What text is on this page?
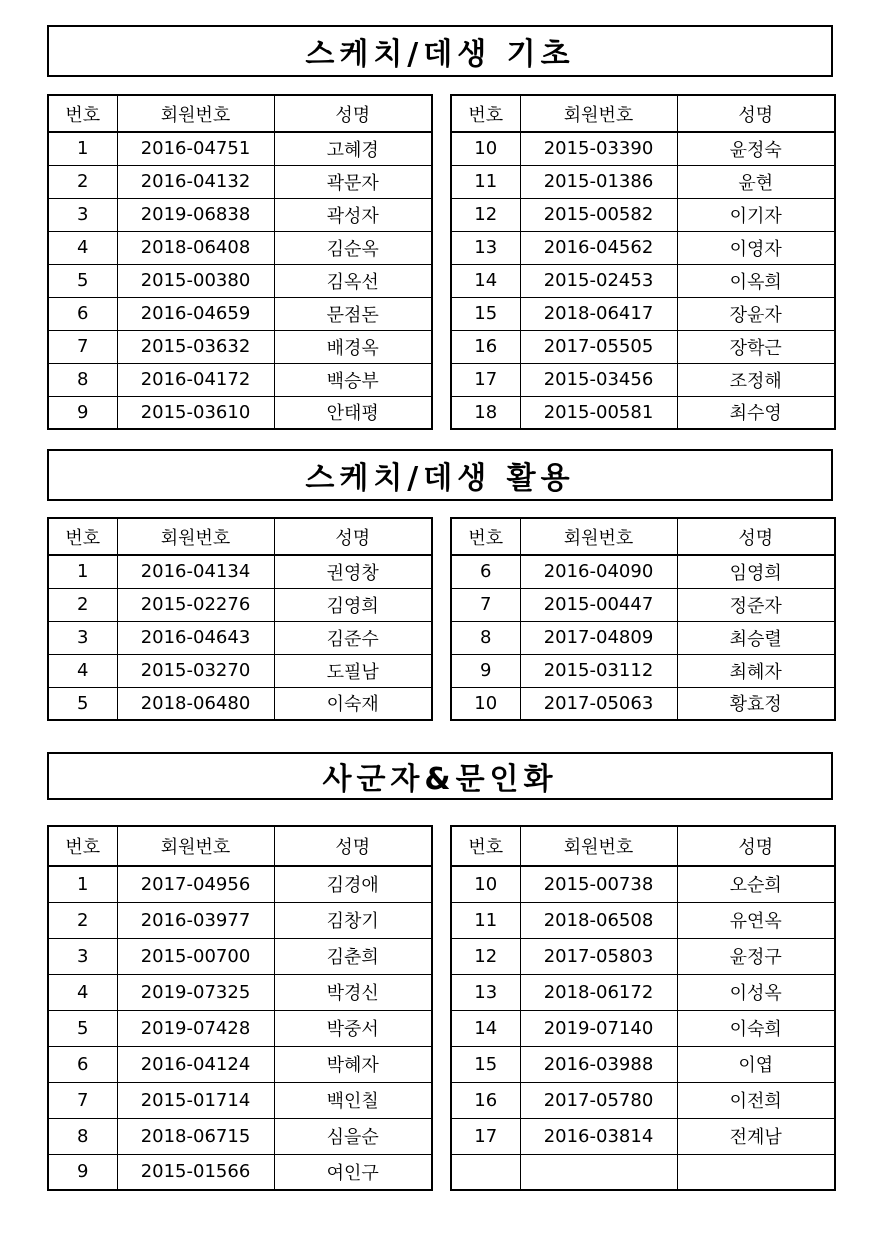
스케치/데생 기초
번호	회원번호	성명
1	2016-04751	고혜경
2	2016-04132	곽문자
3	2019-06838	곽성자
4	2018-06408	김순옥
5	2015-00380	김옥선
6	2016-04659	문점돈
7	2015-03632	배경옥
8	2016-04172	백승부
9	2015-03610	안태평
번호	회원번호	성명
10	2015-03390	윤정숙
11	2015-01386	윤현
12	2015-00582	이기자
13	2016-04562	이영자
14	2015-02453	이옥희
15	2018-06417	장윤자
16	2017-05505	장학근
17	2015-03456	조정해
18	2015-00581	최수영
스케치/데생 활용
번호	회원번호	성명
1	2016-04134	권영창
2	2015-02276	김영희
3	2016-04643	김준수
4	2015-03270	도필남
5	2018-06480	이숙재
번호	회원번호	성명
6	2016-04090	임영희
7	2015-00447	정준자
8	2017-04809	최승렬
9	2015-03112	최혜자
10	2017-05063	황효정
사군자&문인화
번호	회원번호	성명
1	2017-04956	김경애
2	2016-03977	김창기
3	2015-00700	김춘희
4	2019-07325	박경신
5	2019-07428	박중서
6	2016-04124	박혜자
7	2015-01714	백인칠
8	2018-06715	심을순
9	2015-01566	여인구
번호	회원번호	성명
10	2015-00738	오순희
11	2018-06508	유연옥
12	2017-05803	윤정구
13	2018-06172	이성옥
14	2019-07140	이숙희
15	2016-03988	이엽
16	2017-05780	이전희
17	2016-03814	전계남
